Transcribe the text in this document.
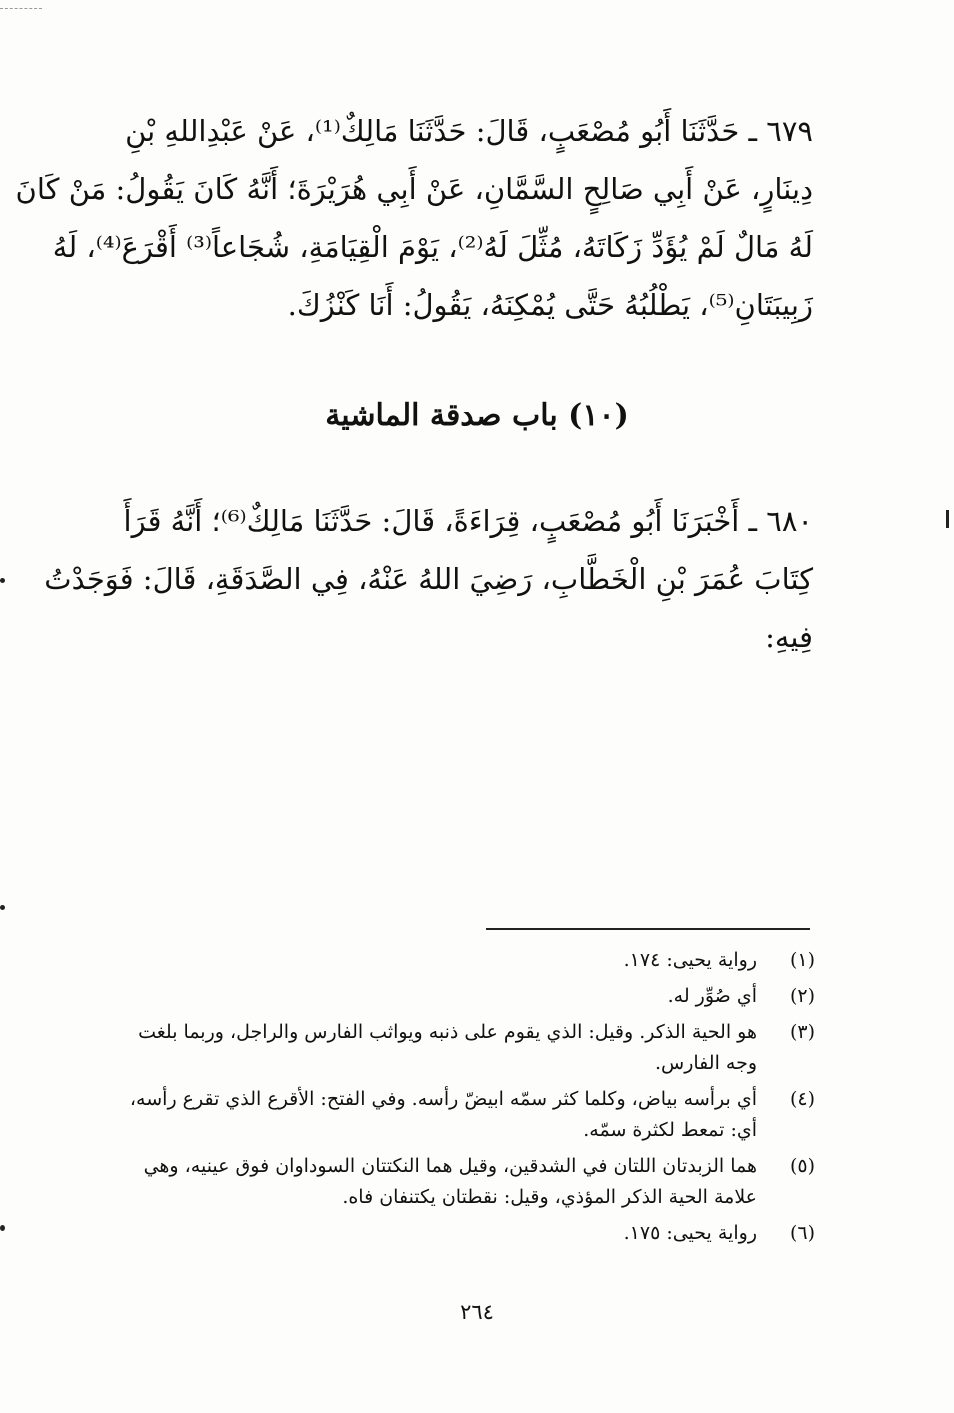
٦٧٩ ـ حَدَّثَنَا أَبُو مُصْعَبٍ، قَالَ: حَدَّثَنَا مَالِكٌ⁽¹⁾، عَنْ عَبْدِاللهِ بْنِ
دِينَارٍ، عَنْ أَبِي صَالِحٍ السَّمَّانِ، عَنْ أَبِي هُرَيْرَةَ؛ أَنَّهُ كَانَ يَقُولُ: مَنْ كَانَ
لَهُ مَالٌ لَمْ يُؤَدِّ زَكَاتَهُ، مُثِّلَ لَهُ⁽²⁾، يَوْمَ الْقِيَامَةِ، شُجَاعاً⁽³⁾ أَقْرَعَ⁽⁴⁾، لَهُ
زَبِيبَتَانِ⁽⁵⁾، يَطْلُبُهُ حَتَّى يُمْكِنَهُ، يَقُولُ: أَنَا كَنْزُكَ.
(١٠) باب صدقة الماشية
٦٨٠ ـ أَخْبَرَنَا أَبُو مُصْعَبٍ، قِرَاءَةً، قَالَ: حَدَّثَنَا مَالِكٌ⁽⁶⁾؛ أَنَّهُ قَرَأَ
كِتَابَ عُمَرَ بْنِ الْخَطَّابِ، رَضِيَ اللهُ عَنْهُ، فِي الصَّدَقَةِ، قَالَ: فَوَجَدْتُ
فِيهِ:
(١)
رواية يحيى: ١٧٤.
(٢)
أي صُوِّر له.
(٣)
هو الحية الذكر. وقيل: الذي يقوم على ذنبه ويواثب الفارس والراجل، وربما بلغت
وجه الفارس.
(٤)
أي برأسه بياض، وكلما كثر سمّه ابيضّ رأسه. وفي الفتح: الأقرع الذي تقرع رأسه،
أي: تمعط لكثرة سمّه.
(٥)
هما الزبدتان اللتان في الشدقين، وقيل هما النكتتان السوداوان فوق عينيه، وهي
علامة الحية الذكر المؤذي، وقيل: نقطتان يكتنفان فاه.
(٦)
رواية يحيى: ١٧٥.
٢٦٤
